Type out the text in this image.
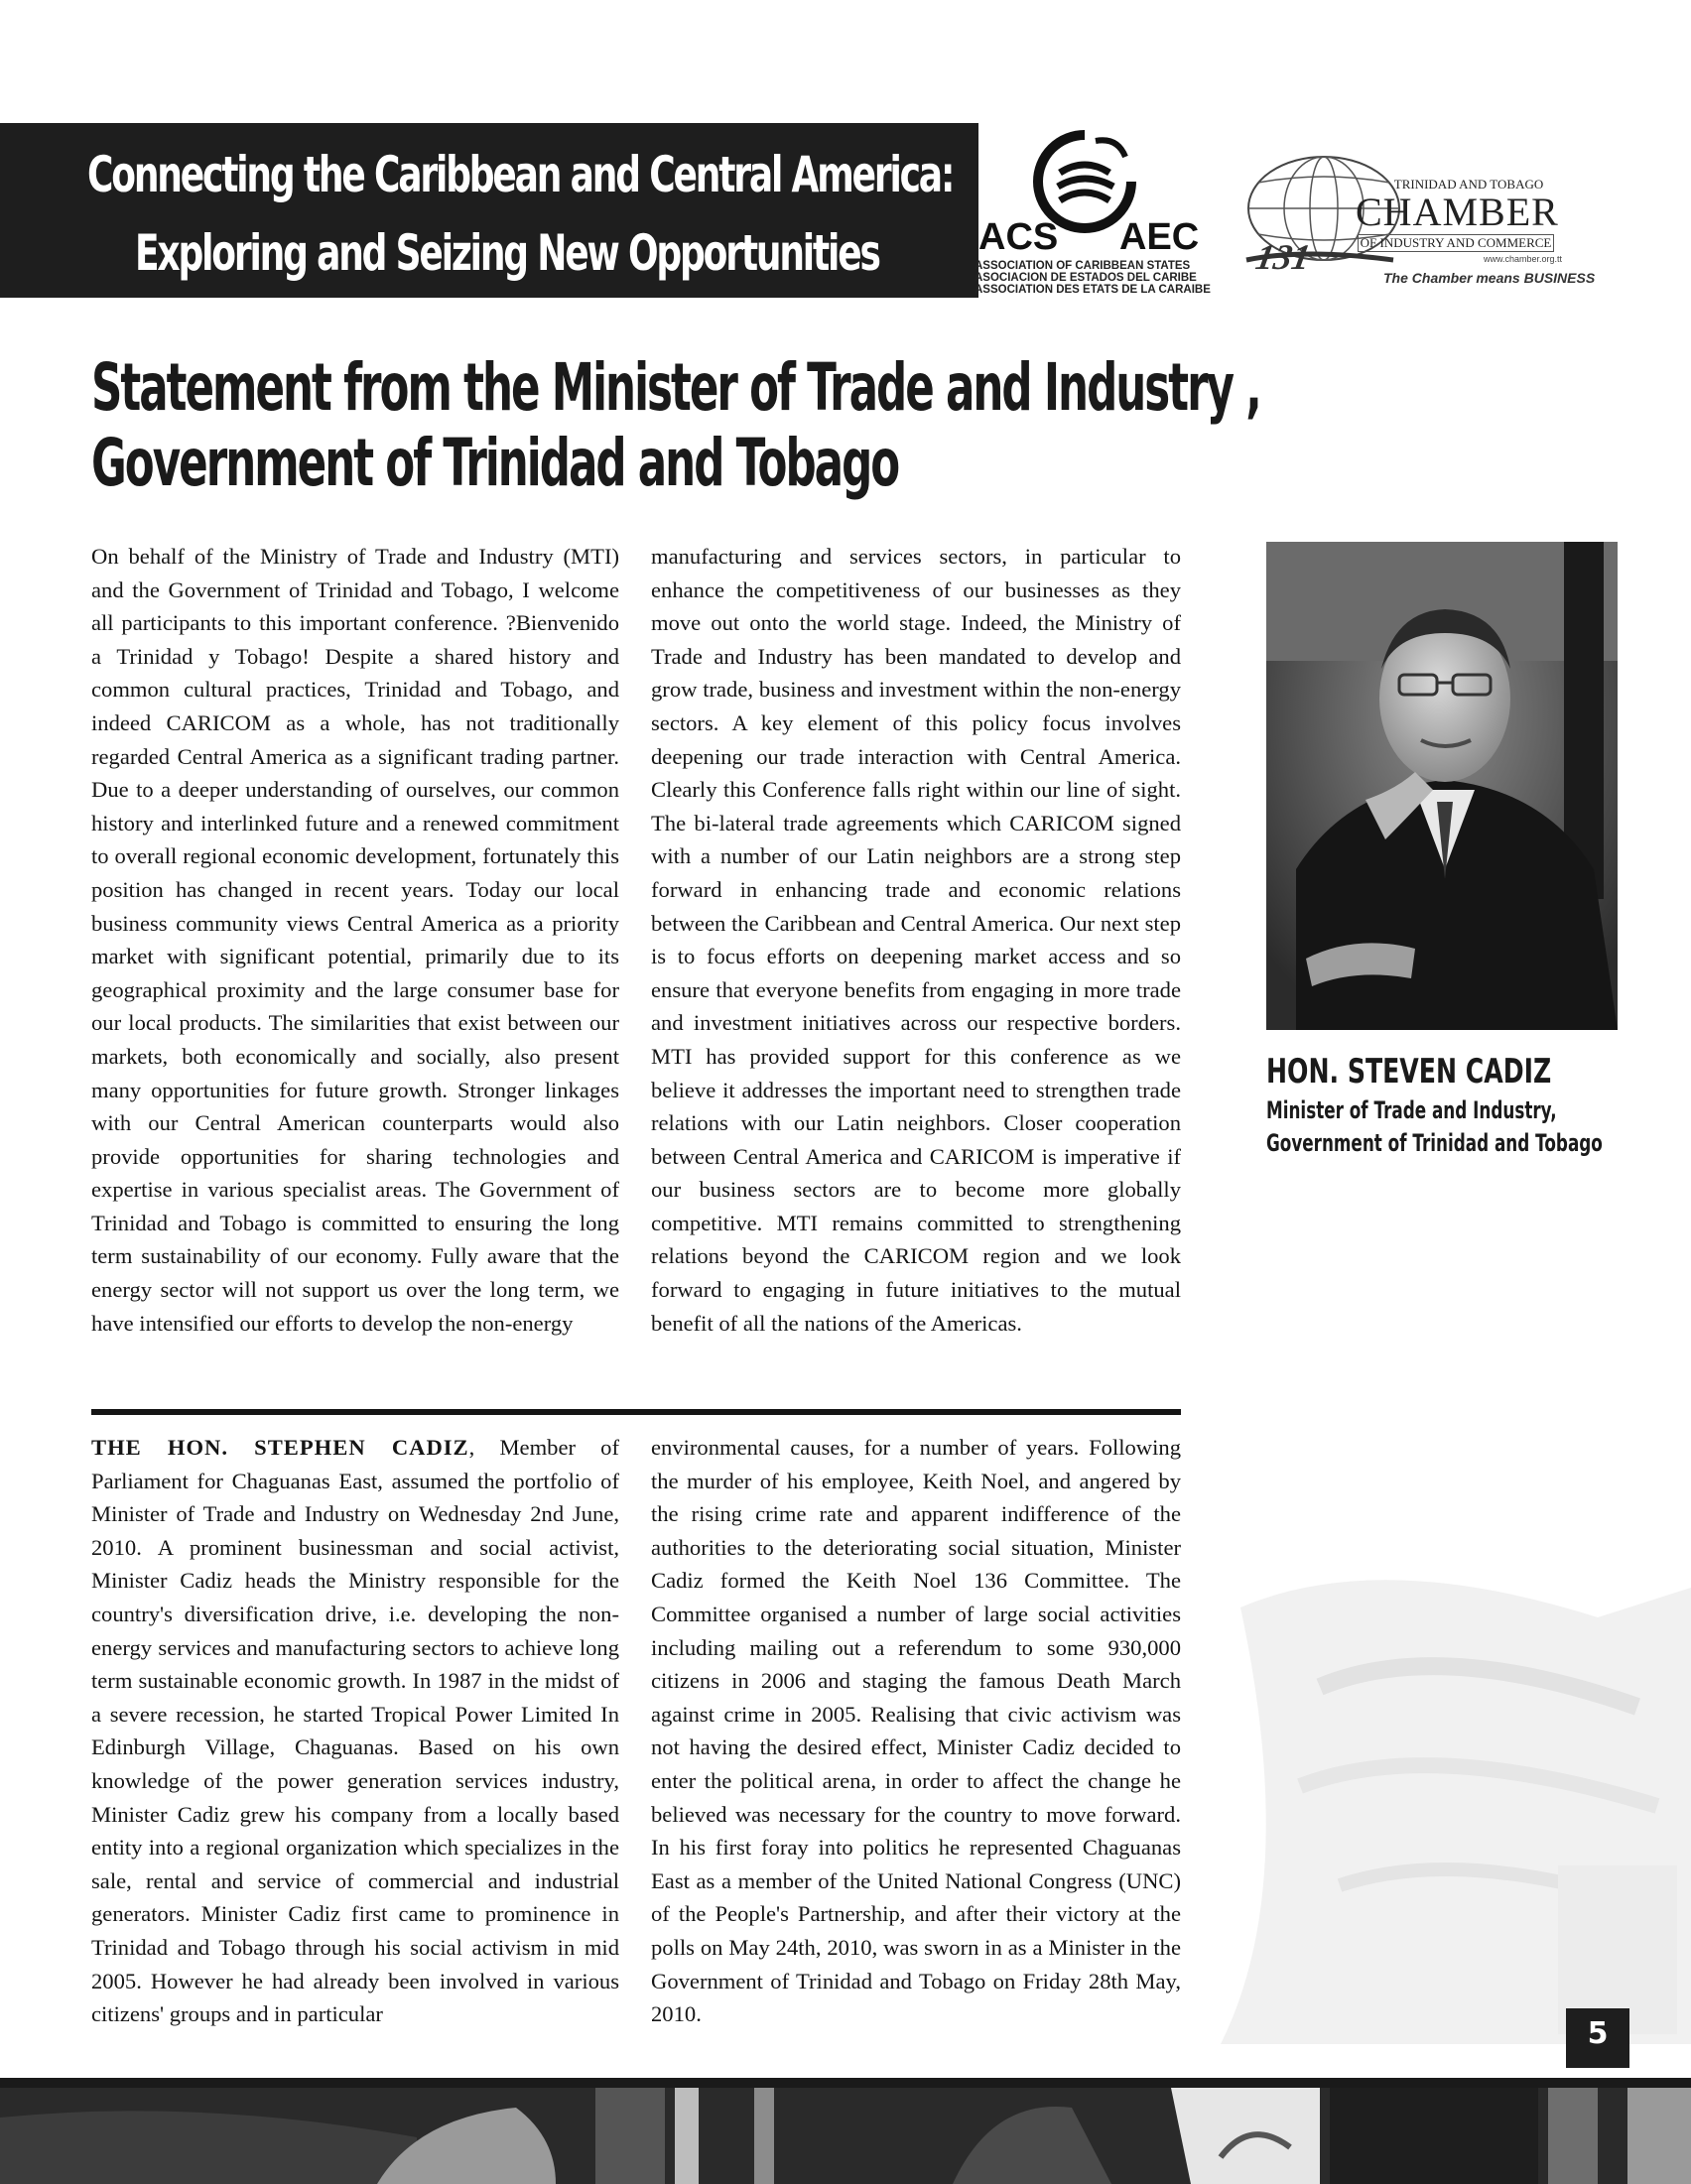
Connecting the Caribbean and Central America:
Exploring and Seizing New Opportunities	ACS AEC
ASSOCIATION OF CARIBBEAN STATES
ASOCIACION DE ESTADOS DEL CARIBE
ASSOCIATION DES ETATS DE LA CARAIBE
131
TRINIDAD AND TOBAGO
CHAMBER
OF INDUSTRY AND COMMERCE
www.chamber.org.tt
The Chamber means BUSINESS
Statement from the Minister of Trade and Industry ,
Government of Trinidad and Tobago
On behalf of the Ministry of Trade and Industry (MTI) and the Government of Trinidad and Tobago, I welcome all participants to this important conference. ?Bienvenido a Trinidad y Tobago! Despite a shared history and common cultural practices, Trinidad and Tobago, and indeed CARICOM as a whole, has not traditionally regarded Central America as a significant trading partner. Due to a deeper understanding of ourselves, our common history and interlinked future and a renewed commitment to overall regional economic development, fortunately this position has changed in recent years. Today our local business community views Central America as a priority market with significant potential, primarily due to its geographical proximity and the large consumer base for our local products. The similarities that exist between our markets, both economically and socially, also present many opportunities for future growth. Stronger linkages with our Central American counterparts would also provide opportunities for sharing technologies and expertise in various specialist areas. The Government of Trinidad and Tobago is committed to ensuring the long term sustainability of our economy. Fully aware that the energy sector will not support us over the long term, we have intensified our efforts to develop the non-energy
manufacturing and services sectors, in particular to enhance the competitiveness of our businesses as they move out onto the world stage. Indeed, the Ministry of Trade and Industry has been mandated to develop and grow trade, business and investment within the non-energy sectors. A key element of this policy focus involves deepening our trade interaction with Central America. Clearly this Conference falls right within our line of sight. The bi-lateral trade agreements which CARICOM signed with a number of our Latin neighbors are a strong step forward in enhancing trade and economic relations between the Caribbean and Central America. Our next step is to focus efforts on deepening market access and so ensure that everyone benefits from engaging in more trade and investment initiatives across our respective borders. MTI has provided support for this conference as we believe it addresses the important need to strengthen trade relations with our Latin neighbors. Closer cooperation between Central America and CARICOM is imperative if our business sectors are to become more globally competitive. MTI remains committed to strengthening relations beyond the CARICOM region and we look forward to engaging in future initiatives to the mutual benefit of all the nations of the Americas.
THE HON. STEPHEN CADIZ, Member of Parliament for Chaguanas East, assumed the portfolio of Minister of Trade and Industry on Wednesday 2nd June, 2010. A prominent businessman and social activist, Minister Cadiz heads the Ministry responsible for the country's diversification drive, i.e. developing the non-energy services and manufacturing sectors to achieve long term sustainable economic growth. In 1987 in the midst of a severe recession, he started Tropical Power Limited In Edinburgh Village, Chaguanas. Based on his own knowledge of the power generation services industry, Minister Cadiz grew his company from a locally based entity into a regional organization which specializes in the sale, rental and service of commercial and industrial generators. Minister Cadiz first came to prominence in Trinidad and Tobago through his social activism in mid 2005. However he had already been involved in various citizens' groups and in particular
environmental causes, for a number of years. Following the murder of his employee, Keith Noel, and angered by the rising crime rate and apparent indifference of the authorities to the deteriorating social situation, Minister Cadiz formed the Keith Noel 136 Committee. The Committee organised a number of large social activities including mailing out a referendum to some 930,000 citizens in 2006 and staging the famous Death March against crime in 2005. Realising that civic activism was not having the desired effect, Minister Cadiz decided to enter the political arena, in order to affect the change he believed was necessary for the country to move forward. In his first foray into politics he represented Chaguanas East as a member of the United National Congress (UNC) of the People's Partnership, and after their victory at the polls on May 24th, 2010, was sworn in as a Minister in the Government of Trinidad and Tobago on Friday 28th May, 2010.
HON. STEVEN CADIZ
Minister of Trade and Industry,
Government of Trinidad and Tobago
5
